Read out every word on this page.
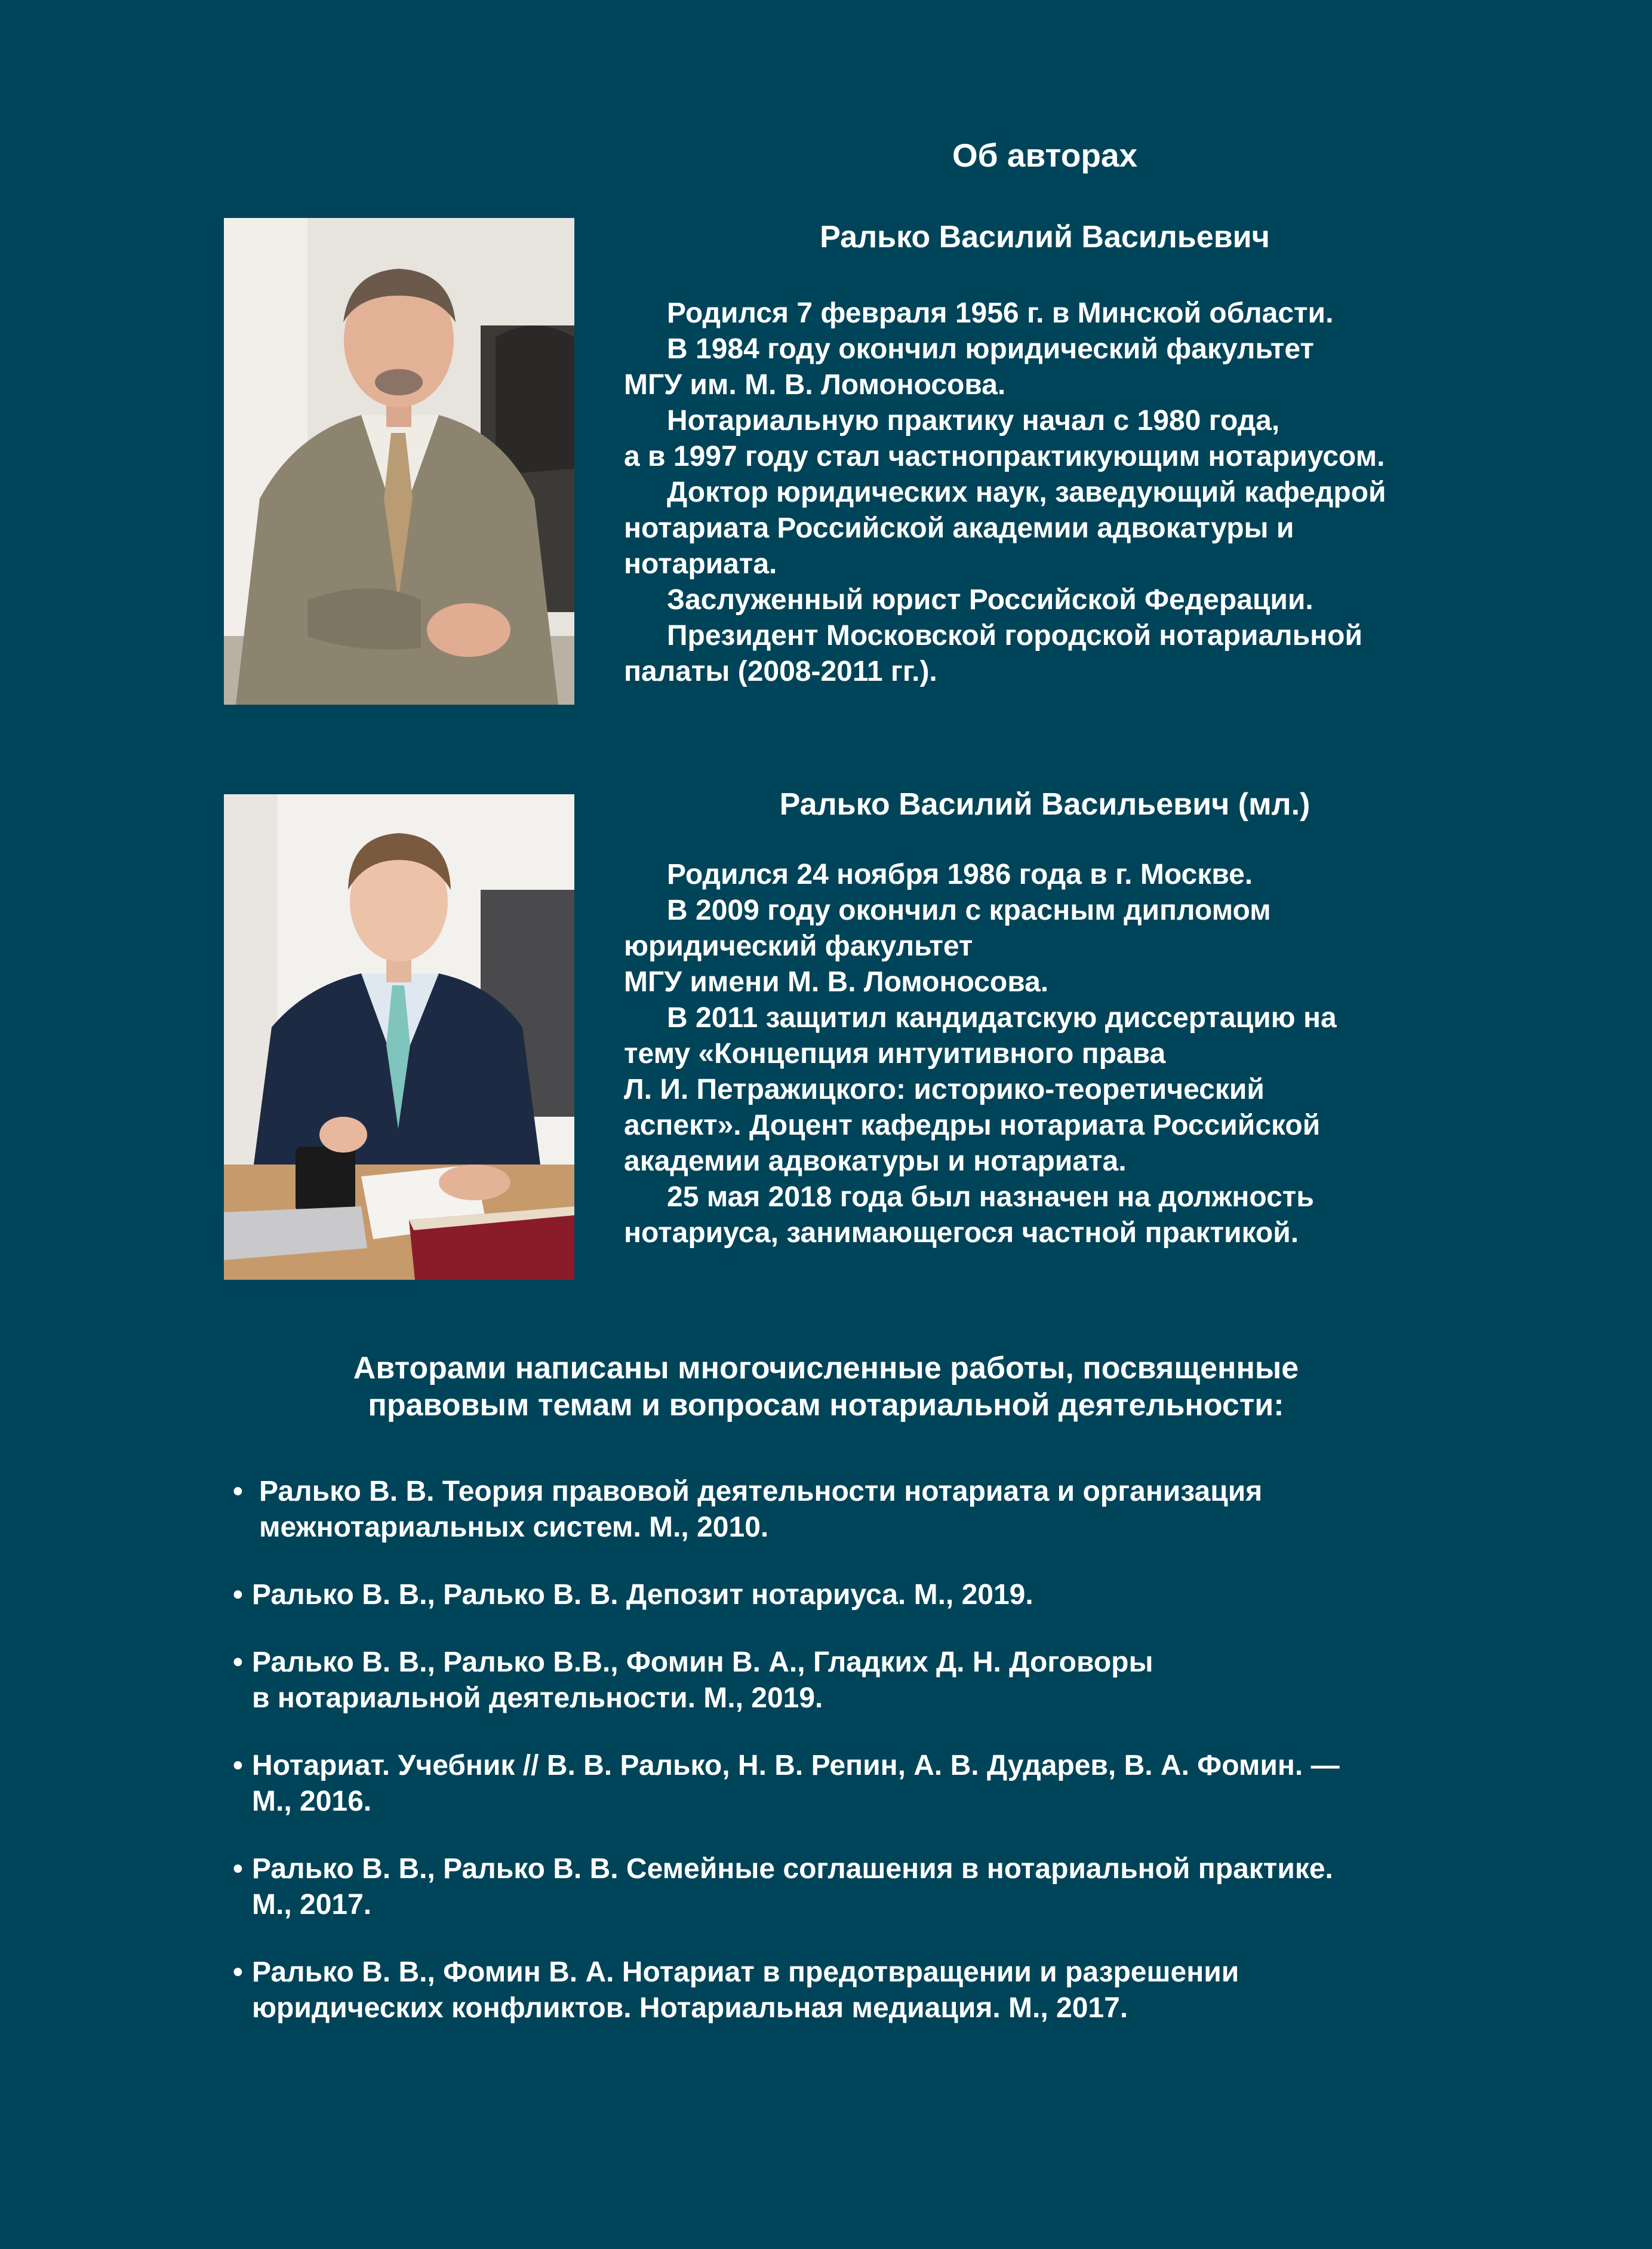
Об авторах
Ралько Василий Васильевич
Родился 7 февраля 1956 г. в Минской области.
В 1984 году окончил юридический факультет
МГУ им. М. В. Ломоносова.
Нотариальную практику начал с 1980 года,
а в 1997 году стал частнопрактикующим нотариусом.
Доктор юридических наук, заведующий кафедрой
нотариата Российской академии адвокатуры и
нотариата.
Заслуженный юрист Российской Федерации.
Президент Московской городской нотариальной
палаты (2008-2011 гг.).
Ралько Василий Васильевич (мл.)
Родился 24 ноября 1986 года в г. Москве.
В 2009 году окончил с красным дипломом
юридический факультет
МГУ имени М. В. Ломоносова.
В 2011 защитил кандидатскую диссертацию на
тему «Концепция интуитивного права
Л. И. Петражицкого: историко-теоретический
аспект». Доцент кафедры нотариата Российской
академии адвокатуры и нотариата.
25 мая 2018 года был назначен на должность
нотариуса, занимающегося частной практикой.
Авторами написаны многочисленные работы, посвященные
правовым темам и вопросам нотариальной деятельности:
• Ралько В. В. Теория правовой деятельности нотариата и организация
межнотариальных систем. М., 2010.
• Ралько В. В., Ралько В. В. Депозит нотариуса. М., 2019.
• Ралько В. В., Ралько В.В., Фомин В. А., Гладких Д. Н. Договоры
в нотариальной деятельности. М., 2019.
• Нотариат. Учебник // В. В. Ралько, Н. В. Репин, А. В. Дударев, В. А. Фомин. —
М., 2016.
• Ралько В. В., Ралько В. В. Семейные соглашения в нотариальной практике.
М., 2017.
• Ралько В. В., Фомин В. А. Нотариат в предотвращении и разрешении
юридических конфликтов. Нотариальная медиация. М., 2017.
